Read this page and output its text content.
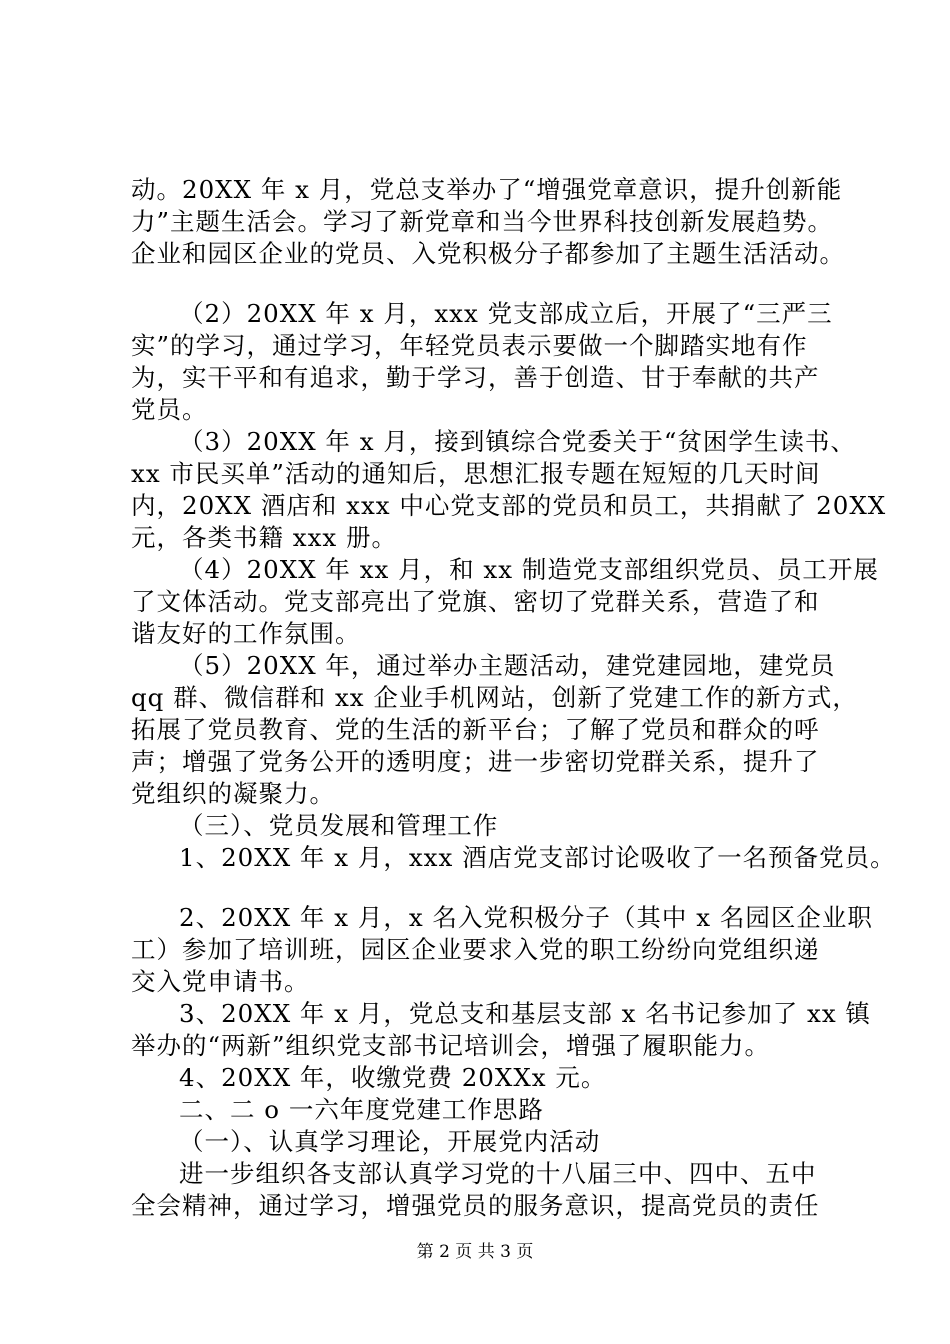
动。20XX 年 x 月，党总支举办了“增强党章意识，提升创新能
力”主题生活会。学习了新党章和当今世界科技创新发展趋势。
企业和园区企业的党员、入党积极分子都参加了主题生活活动。
（2）20XX 年 x 月，xxx 党支部成立后，开展了“三严三
实”的学习，通过学习，年轻党员表示要做一个脚踏实地有作
为，实干平和有追求，勤于学习，善于创造、甘于奉献的共产
党员。
（3）20XX 年 x 月，接到镇综合党委关于“贫困学生读书、
xx 市民买单”活动的通知后，思想汇报专题在短短的几天时间
内，20XX 酒店和 xxx 中心党支部的党员和员工，共捐献了 20XX
元，各类书籍 xxx 册。
（4）20XX 年 xx 月，和 xx 制造党支部组织党员、员工开展
了文体活动。党支部亮出了党旗、密切了党群关系，营造了和
谐友好的工作氛围。
（5）20XX 年，通过举办主题活动，建党建园地，建党员
qq 群、微信群和 xx 企业手机网站，创新了党建工作的新方式，
拓展了党员教育、党的生活的新平台；了解了党员和群众的呼
声；增强了党务公开的透明度；进一步密切党群关系，提升了
党组织的凝聚力。
（三）、党员发展和管理工作
1、20XX 年 x 月，xxx 酒店党支部讨论吸收了一名预备党员。
2、20XX 年 x 月，x 名入党积极分子（其中 x 名园区企业职
工）参加了培训班，园区企业要求入党的职工纷纷向党组织递
交入党申请书。
3、20XX 年 x 月，党总支和基层支部 x 名书记参加了 xx 镇
举办的“两新”组织党支部书记培训会，增强了履职能力。
4、20XX 年，收缴党费 20XXx 元。
二、二 o 一六年度党建工作思路
（一）、认真学习理论，开展党内活动
进一步组织各支部认真学习党的十八届三中、四中、五中
全会精神，通过学习，增强党员的服务意识，提高党员的责任
第 2 页 共 3 页
